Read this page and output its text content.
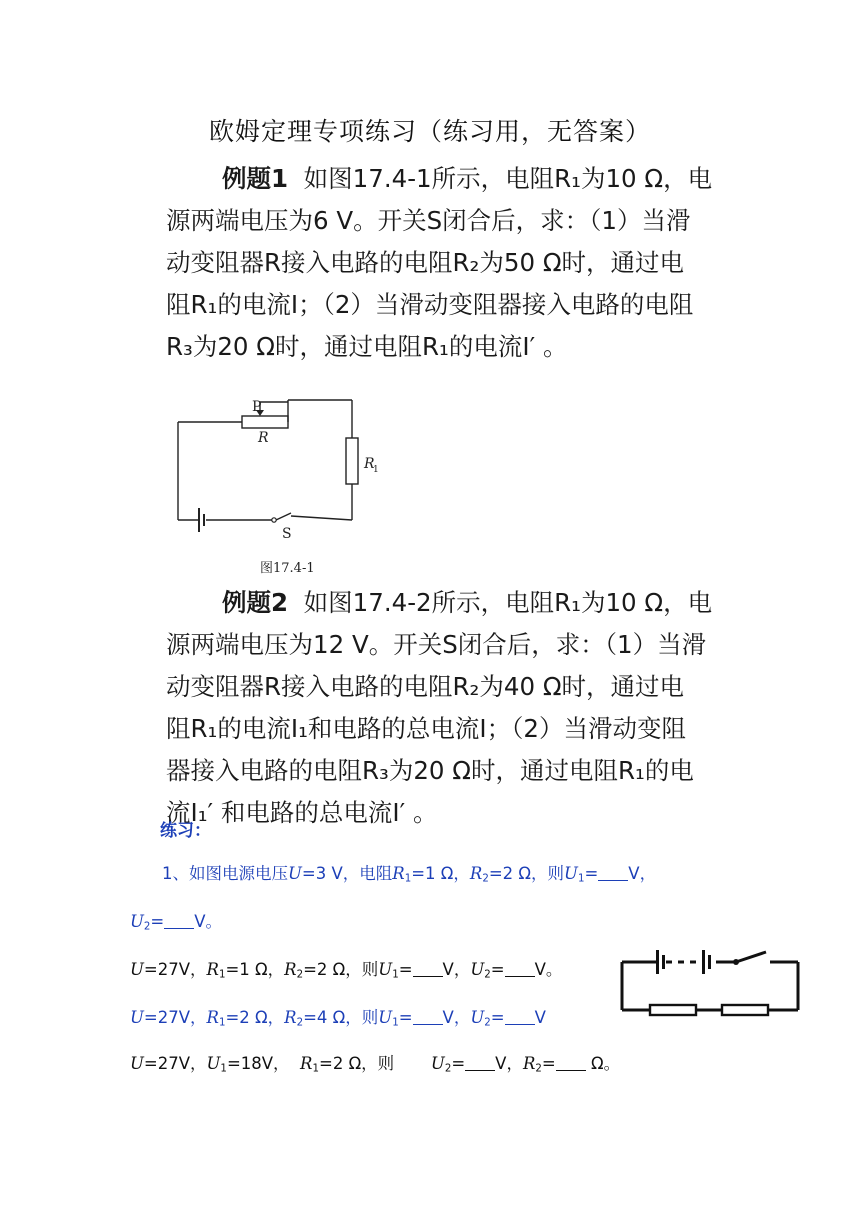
欧姆定理专项练习（练习用，无答案）
例题1 如图17.4-1所示，电阻R₁为10 Ω，电
源两端电压为6 V。开关S闭合后，求：（1）当滑
动变阻器R接入电路的电阻R₂为50 Ω时，通过电
阻R₁的电流I；（2）当滑动变阻器接入电路的电阻
R₃为20 Ω时，通过电阻R₁的电流I′ 。
P
R
R
1
S
图17.4-1
例题2 如图17.4-2所示，电阻R₁为10 Ω，电
源两端电压为12 V。开关S闭合后，求：（1）当滑
动变阻器R接入电路的电阻R₂为40 Ω时，通过电
阻R₁的电流I₁和电路的总电流I；（2）当滑动变阻
器接入电路的电阻R₃为20 Ω时，通过电阻R₁的电
流I₁′ 和电路的总电流I′ 。
练习：
1、如图电源电压U=3 V，电阻$R_1=1$ Ω，$R_2=2$ Ω，则$U_1= V$，
$U_2= V$。
U=27V，$R_1=1$ Ω，$R_2=2$ Ω，则$U_1= V$，$U_2= V$。
U=27V，$R_1=2$ Ω，$R_2=4$ Ω，则$U_1= V$，$U_2= V$
U=27V，$U_1=18V$， $R_1=2$ Ω，则 $U_2= V$，$R_2= \Omega$。
